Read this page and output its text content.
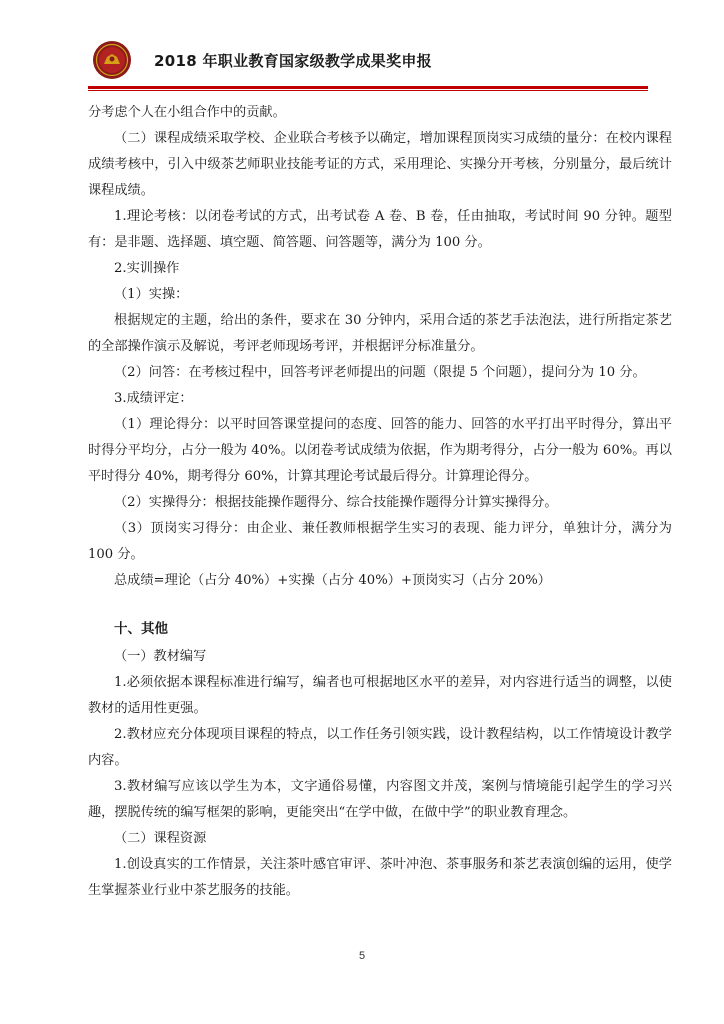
2018 年职业教育国家级教学成果奖申报

分考虑个人在小组合作中的贡献。

（二）课程成绩采取学校、企业联合考核予以确定，增加课程顶岗实习成绩的量分：在校内课程成绩考核中，引入中级茶艺师职业技能考证的方式，采用理论、实操分开考核，分别量分，最后统计课程成绩。

1.理论考核：以闭卷考试的方式，出考试卷 A 卷、B 卷，任由抽取，考试时间 90 分钟。题型有：是非题、选择题、填空题、简答题、问答题等，满分为 100 分。

2.实训操作

（1）实操：

根据规定的主题，给出的条件，要求在 30 分钟内，采用合适的茶艺手法泡法，进行所指定茶艺的全部操作演示及解说，考评老师现场考评，并根据评分标准量分。

（2）问答：在考核过程中，回答考评老师提出的问题（限提 5 个问题），提问分为 10 分。

3.成绩评定：

（1）理论得分：以平时回答课堂提问的态度、回答的能力、回答的水平打出平时得分，算出平时得分平均分，占分一般为 40%。以闭卷考试成绩为依据，作为期考得分，占分一般为 60%。再以平时得分 40%，期考得分 60%，计算其理论考试最后得分。计算理论得分。

（2）实操得分：根据技能操作题得分、综合技能操作题得分计算实操得分。

（3）顶岗实习得分：由企业、兼任教师根据学生实习的表现、能力评分，单独计分，满分为 100 分。

总成绩=理论（占分 40%）+实操（占分 40%）+顶岗实习（占分 20%）

十、其他

（一）教材编写

1.必须依据本课程标准进行编写，编者也可根据地区水平的差异，对内容进行适当的调整，以使教材的适用性更强。

2.教材应充分体现项目课程的特点，以工作任务引领实践，设计教程结构，以工作情境设计教学内容。

3.教材编写应该以学生为本，文字通俗易懂，内容图文并茂，案例与情境能引起学生的学习兴趣，摆脱传统的编写框架的影响，更能突出“在学中做，在做中学”的职业教育理念。

（二）课程资源

1.创设真实的工作情景，关注茶叶感官审评、茶叶冲泡、茶事服务和茶艺表演创编的运用，使学生掌握茶业行业中茶艺服务的技能。

5
